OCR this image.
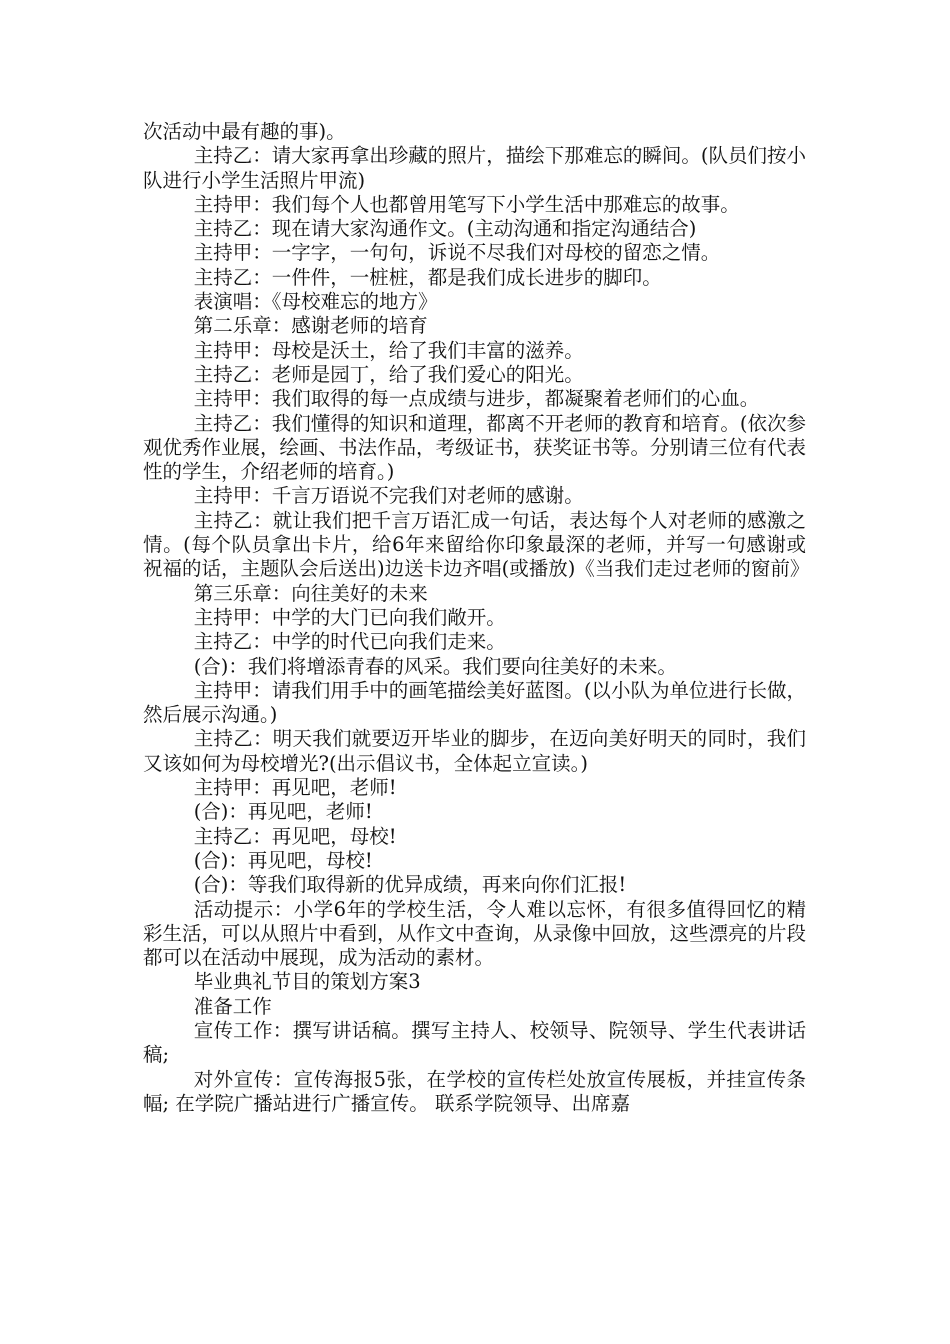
次活动中最有趣的事)。

主持乙：请大家再拿出珍藏的照片，描绘下那难忘的瞬间。(队员们按小队进行小学生活照片甲流)

主持甲：我们每个人也都曾用笔写下小学生活中那难忘的故事。

主持乙：现在请大家沟通作文。(主动沟通和指定沟通结合)

主持甲：一字字，一句句，诉说不尽我们对母校的留恋之情。

主持乙：一件件，一桩桩，都是我们成长进步的脚印。

表演唱：《母校难忘的地方》

第二乐章：感谢老师的培育

主持甲：母校是沃土，给了我们丰富的滋养。

主持乙：老师是园丁，给了我们爱心的阳光。

主持甲：我们取得的每一点成绩与进步，都凝聚着老师们的心血。

主持乙：我们懂得的知识和道理，都离不开老师的教育和培育。(依次参观优秀作业展，绘画、书法作品，考级证书，获奖证书等。分别请三位有代表性的学生，介绍老师的培育。)

主持甲：千言万语说不完我们对老师的感谢。

主持乙：就让我们把千言万语汇成一句话，表达每个人对老师的感激之情。(每个队员拿出卡片，给6年来留给你印象最深的老师，并写一句感谢或祝福的话，主题队会后送出)边送卡边齐唱(或播放)《当我们走过老师的窗前》

第三乐章：向往美好的未来

主持甲：中学的大门已向我们敞开。

主持乙：中学的时代已向我们走来。

(合)：我们将增添青春的风采。我们要向往美好的未来。

主持甲：请我们用手中的画笔描绘美好蓝图。(以小队为单位进行长做，然后展示沟通。)

主持乙：明天我们就要迈开毕业的脚步，在迈向美好明天的同时，我们又该如何为母校增光?(出示倡议书，全体起立宣读。)

主持甲：再见吧，老师!

(合)：再见吧，老师!

主持乙：再见吧，母校!

(合)：再见吧，母校!

(合)：等我们取得新的优异成绩，再来向你们汇报!

活动提示：小学6年的学校生活，令人难以忘怀，有很多值得回忆的精彩生活，可以从照片中看到，从作文中查询，从录像中回放，这些漂亮的片段都可以在活动中展现，成为活动的素材。

毕业典礼节目的策划方案3

准备工作

宣传工作：撰写讲话稿。撰写主持人、校领导、院领导、学生代表讲话稿;

对外宣传：宣传海报5张，在学校的宣传栏处放宣传展板，并挂宣传条幅; 在学院广播站进行广播宣传。 联系学院领导、出席嘉
